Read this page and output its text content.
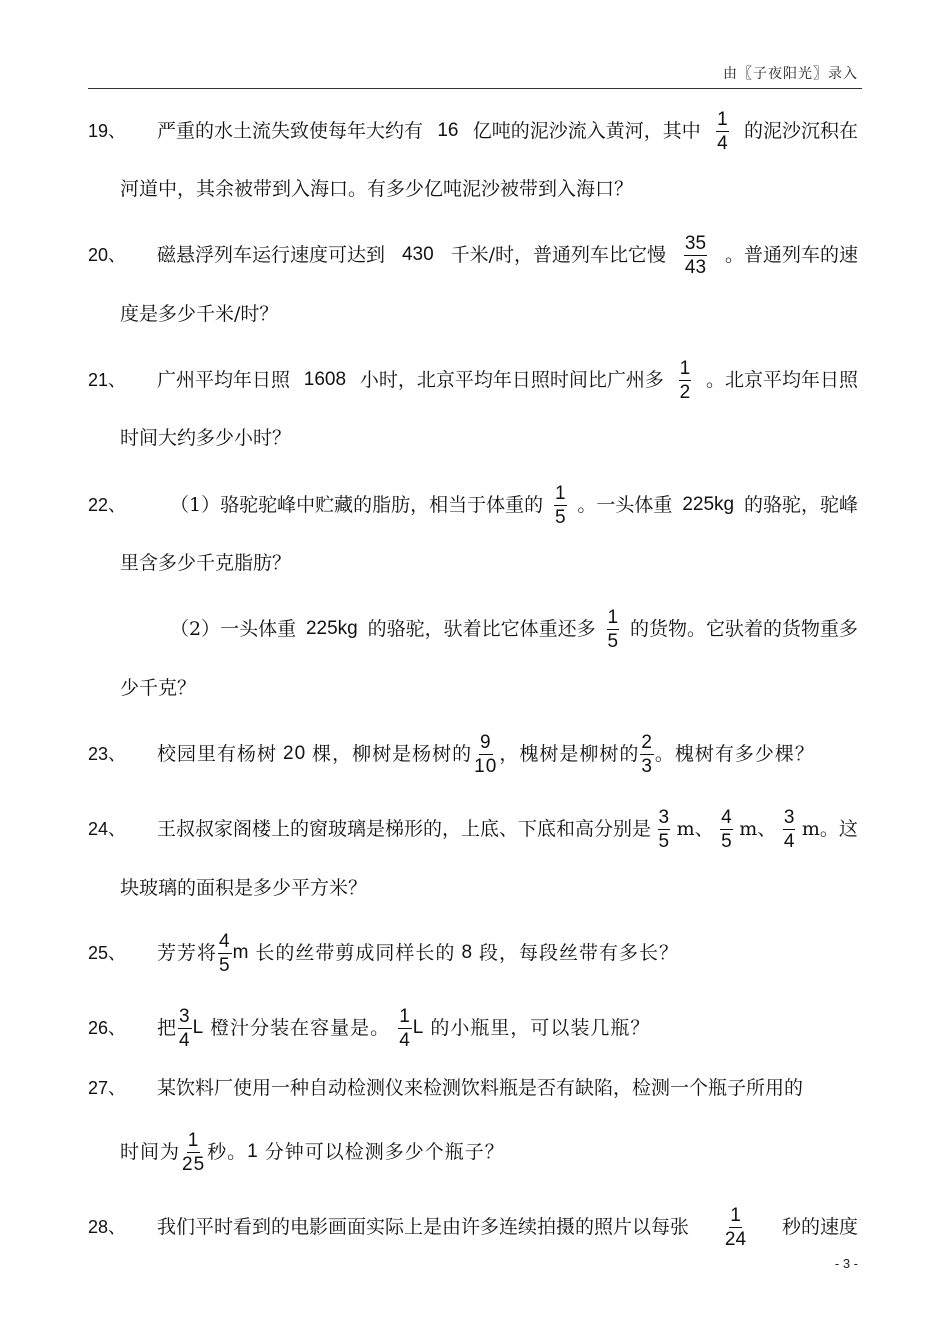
由〖子夜阳光〗录入
19、 严重的水土流失致使每年大约有 16 亿吨的泥沙流入黄河，其中 $\frac{1}{4}$ 的泥沙沉积在
河道中，其余被带到入海口。有多少亿吨泥沙被带到入海口？
20、 磁悬浮列车运行速度可达到 430 千米/时，普通列车比它慢 $\frac{35}{43}$ 。普通列车的速
度是多少千米/时？
21、 广州平均年日照 1608 小时，北京平均年日照时间比广州多 $\frac{1}{2}$ 。北京平均年日照
时间大约多少小时？
22、 （1）骆驼驼峰中贮藏的脂肪，相当于体重的 $\frac{1}{5}$ 。一头体重 225kg 的骆驼，驼峰
里含多少千克脂肪？
（2）一头体重 225kg 的骆驼，驮着比它体重还多 $\frac{1}{5}$ 的货物。它驮着的货物重多
少千克？
23、 校园里有杨树 20 棵，柳树是杨树的 $\frac{9}{10}$ ，槐树是柳树的 $\frac{2}{3}$ 。槐树有多少棵？
24、 王叔叔家阁楼上的窗玻璃是梯形的，上底、下底和高分别是 $\frac{3}{5}$ m、 $\frac{4}{5}$ m、 $\frac{3}{4}$ m。这
块玻璃的面积是多少平方米？
25、 芳芳将 $\frac{4}{5}$ m 长的丝带剪成同样长的 8 段，每段丝带有多长？
26、 把 $\frac{3}{4}$ L 橙汁分装在容量是。 $\frac{1}{4}$ L 的小瓶里，可以装几瓶？
27、 某饮料厂使用一种自动检测仪来检测饮料瓶是否有缺陷，检测一个瓶子所用的
时间为 $\frac{1}{25}$ 秒。 1 分钟可以检测多少个瓶子？
28、 我们平时看到的电影画面实际上是由许多连续拍摄的照片以每张 $\frac{1}{24}$ 秒的速度
- 3 -
